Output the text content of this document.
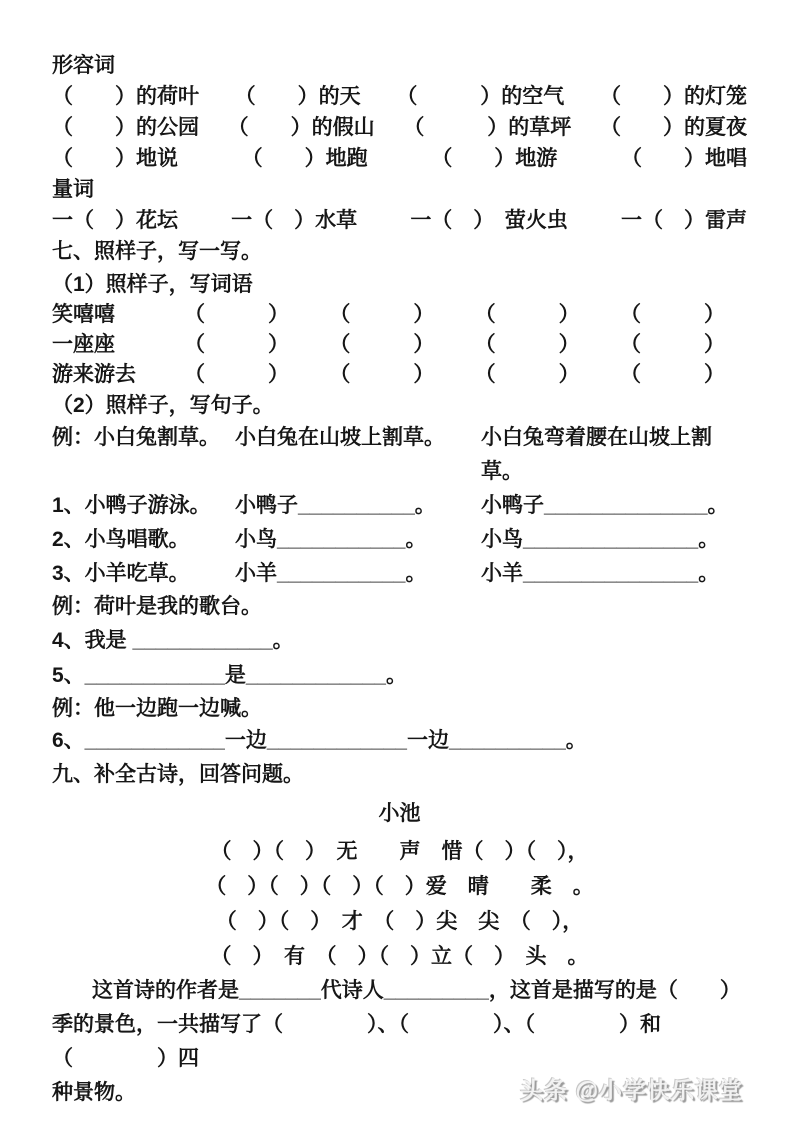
形容词
（　　）的荷叶 （　　）的天 （　　　）的空气 （　　）的灯笼
（　　）的公园 （　　）的假山 （　　　）的草坪 （　　）的夏夜
（　　）地说	（　　）地跑	（　　）地游	（　　）地唱
量词
一（　）花坛	一（　）水草	一（　）　萤火虫	一（　）雷声
七、照样子，写一写。
（1）照样子，写词语
笑嘻嘻	（　　　） （　　　） （　　　） （　　　）
一座座	（　　　） （　　　） （　　　） （　　　）
游来游去	（　　　） （　　　） （　　　） （　　　）
（2）照样子，写句子。
例：小白兔割草。 小白兔在山坡上割草。	小白兔弯着腰在山坡上割草。
1、小鸭子游泳。	小鸭子__________。	小鸭子______________。
2、小鸟唱歌。	小鸟___________。	小鸟_______________。
3、小羊吃草。	小羊___________。	小羊_______________。
例：荷叶是我的歌台。
4、我是 ____________。
5、____________是____________。
例：他一边跑一边喊。
6、____________一边____________一边__________。
九、补全古诗，回答问题。
小池
（　）（　）　无　　声　惜（　）（　），
（　）（　）（　）（　）爱　晴　　柔　。
（　）（　）　才　（　）尖　尖　（　），
（　）　有　（　）（　）立（　）　头　。
这首诗的作者是_______代诗人_________，这首是描写的是（　　）
季的景色，一共描写了（　　　　）、（　　　　）、（　　　　）和（　　　　）四
种景物。	头条 @小学快乐课堂
